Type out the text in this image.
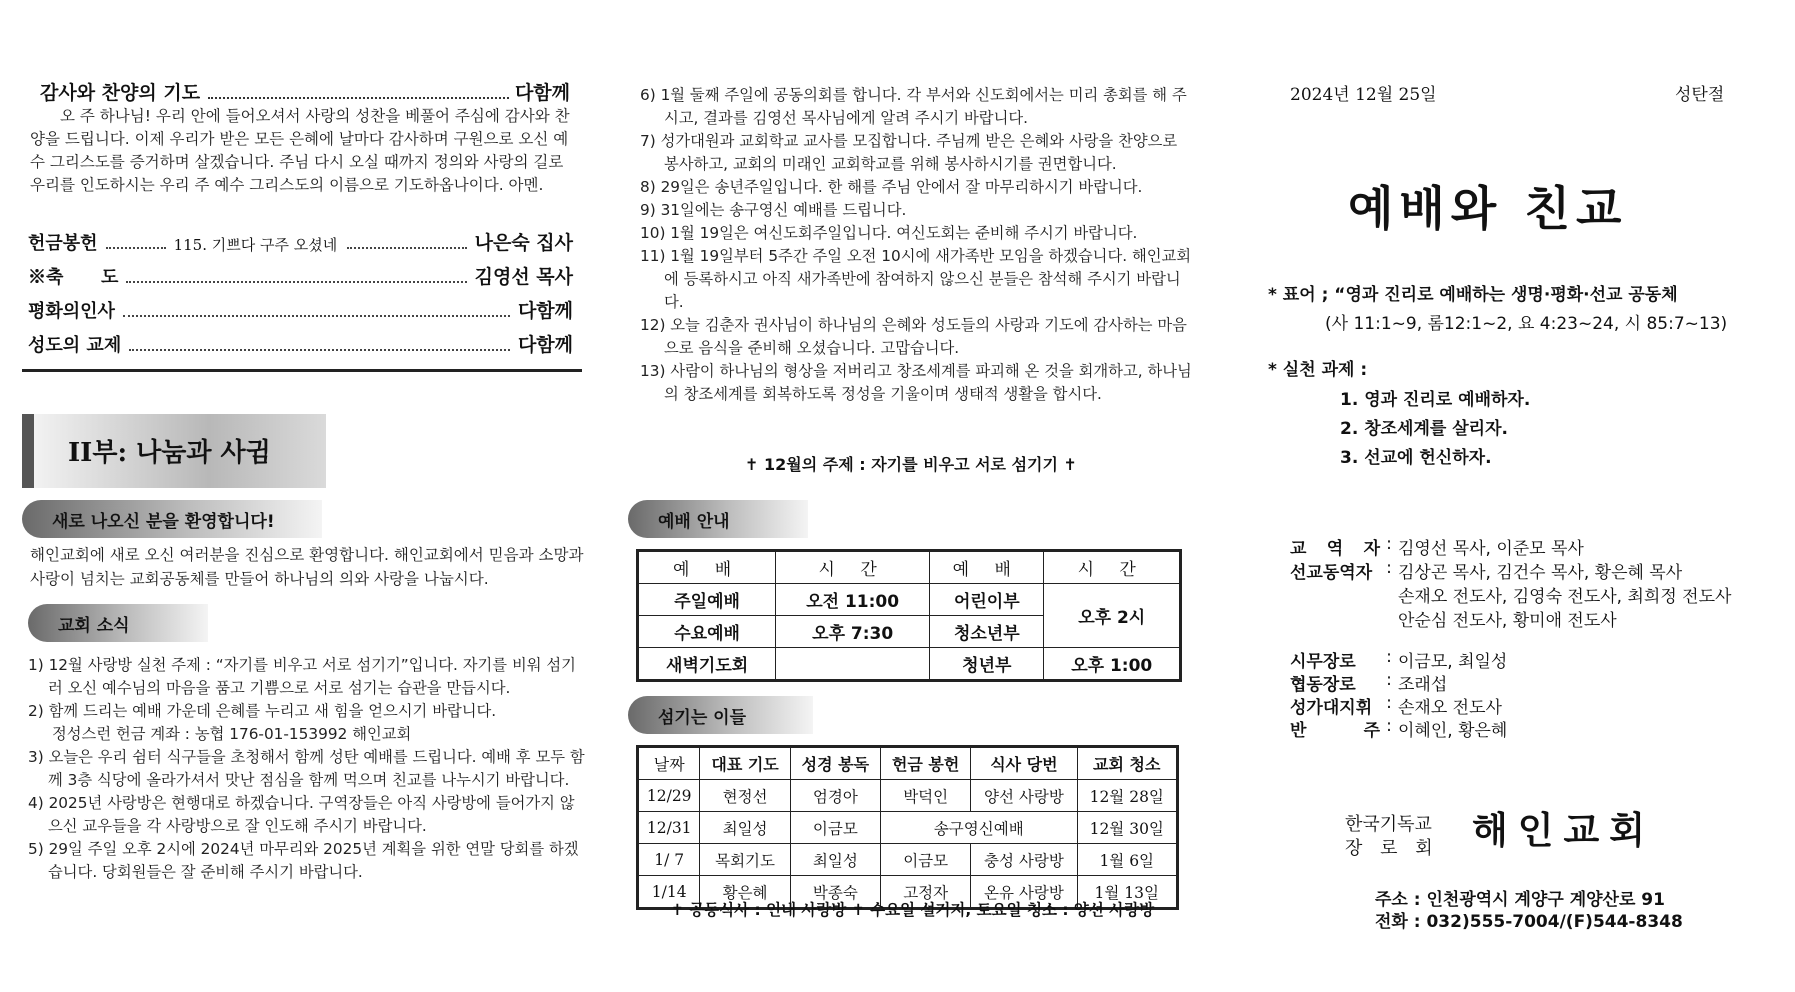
감사와 찬양의 기도	다함께
오 주 하나님! 우리 안에 들어오셔서 사랑의 성찬을 베풀어 주심에 감사와 찬양을 드립니다. 이제 우리가 받은 모든 은혜에 날마다 감사하며 구원으로 오신 예수 그리스도를 증거하며 살겠습니다. 주님 다시 오실 때까지 정의와 사랑의 길로 우리를 인도하시는 우리 주 예수 그리스도의 이름으로 기도하옵나이다. 아멘.
헌금봉헌	115. 기쁘다 구주 오셨네	나은숙 집사
※축      도	김영선 목사
평화의인사	다함께
성도의 교제	다함께
II부: 나눔과 사귐
새로 나오신 분을 환영합니다!
해인교회에 새로 오신 여러분을 진심으로 환영합니다. 해인교회에서 믿음과 소망과 사랑이 넘치는 교회공동체를 만들어 하나님의 의와 사랑을 나눕시다.
교회 소식
1) 12월 사랑방 실천 주제 : “자기를 비우고 서로 섬기기”입니다. 자기를 비워 섬기러 오신 예수님의 마음을 품고 기쁨으로 서로 섬기는 습관을 만듭시다.
2) 함께 드리는 예배 가운데 은혜를 누리고 새 힘을 얻으시기 바랍니다.
정성스런 헌금 계좌 : 농협 176-01-153992 해인교회
3) 오늘은 우리 쉼터 식구들을 초청해서 함께 성탄 예배를 드립니다. 예배 후 모두 함께 3층 식당에 올라가셔서 맛난 점심을 함께 먹으며 친교를 나누시기 바랍니다.
4) 2025년 사랑방은 현행대로 하겠습니다. 구역장들은 아직 사랑방에 들어가지 않으신 교우들을 각 사랑방으로 잘 인도해 주시기 바랍니다.
5) 29일 주일 오후 2시에 2024년 마무리와 2025년 계획을 위한 연말 당회를 하겠습니다. 당회원들은 잘 준비해 주시기 바랍니다.
6) 1월 둘째 주일에 공동의회를 합니다. 각 부서와 신도회에서는 미리 총회를 해 주시고, 결과를 김영선 목사님에게 알려 주시기 바랍니다.
7) 성가대원과 교회학교 교사를 모집합니다. 주님께 받은 은혜와 사랑을 찬양으로 봉사하고, 교회의 미래인 교회학교를 위해 봉사하시기를 권면합니다.
8) 29일은 송년주일입니다. 한 해를 주님 안에서 잘 마무리하시기 바랍니다.
9) 31일에는 송구영신 예배를 드립니다.
10) 1월 19일은 여신도회주일입니다. 여신도회는 준비해 주시기 바랍니다.
11) 1월 19일부터 5주간 주일 오전 10시에 새가족반 모임을 하겠습니다. 해인교회에 등록하시고 아직 새가족반에 참여하지 않으신 분들은 참석해 주시기 바랍니다.
12) 오늘 김춘자 권사님이 하나님의 은혜와 성도들의 사랑과 기도에 감사하는 마음으로 음식을 준비해 오셨습니다. 고맙습니다.
13) 사람이 하나님의 형상을 저버리고 창조세계를 파괴해 온 것을 회개하고, 하나님의 창조세계를 회복하도록 정성을 기울이며 생태적 생활을 합시다.
✝ 12월의 주제 : 자기를 비우고 서로 섬기기 ✝
예배 안내
예 배	시 간	예 배	시 간
주일예배	오전 11:00	어린이부	오후 2시
수요예배	오후 7:30	청소년부	
새벽기도회		청년부	오후 1:00
섬기는 이들
날짜	대표 기도	성경 봉독	헌금 봉헌	식사 당번	교회 청소
12/29	현정선	엄경아	박덕인	양선 사랑방	12월 28일
12/31	최일성	이금모	송구영신예배		12월 30일
1/ 7	목회기도	최일성	이금모	충성 사랑방	1월 6일
1/14	황은혜	박종숙	고정자	온유 사랑방	1월 13일
✝ 공동식사 : 인내 사랑방 ✝ 수요일 설거지, 토요일 청소 : 양선 사랑방
2024년 12월 25일	성탄절
예배와 친교
* 표어 ; “영과 진리로 예배하는 생명·평화·선교 공동체
(사 11:1~9, 롬12:1~2, 요 4:23~24, 시 85:7~13)
* 실천 과제 :
1. 영과 진리로 예배하자.
2. 창조세계를 살리자.
3. 선교에 헌신하자.
교 역 자 : 김영선 목사, 이준모 목사
선교동역자 : 김상곤 목사, 김건수 목사, 황은혜 목사
손재오 전도사, 김영숙 전도사, 최희정 전도사
안순심 전도사, 황미애 전도사
시무장로	: 이금모, 최일성
협동장로	: 조래섭
성가대지휘 : 손재오 전도사
반 주 : 이혜인, 황은혜
한국기독교
장 로 회 해인교회
주소 : 인천광역시 계양구 계양산로 91
전화 : 032)555-7004/(F)544-8348
